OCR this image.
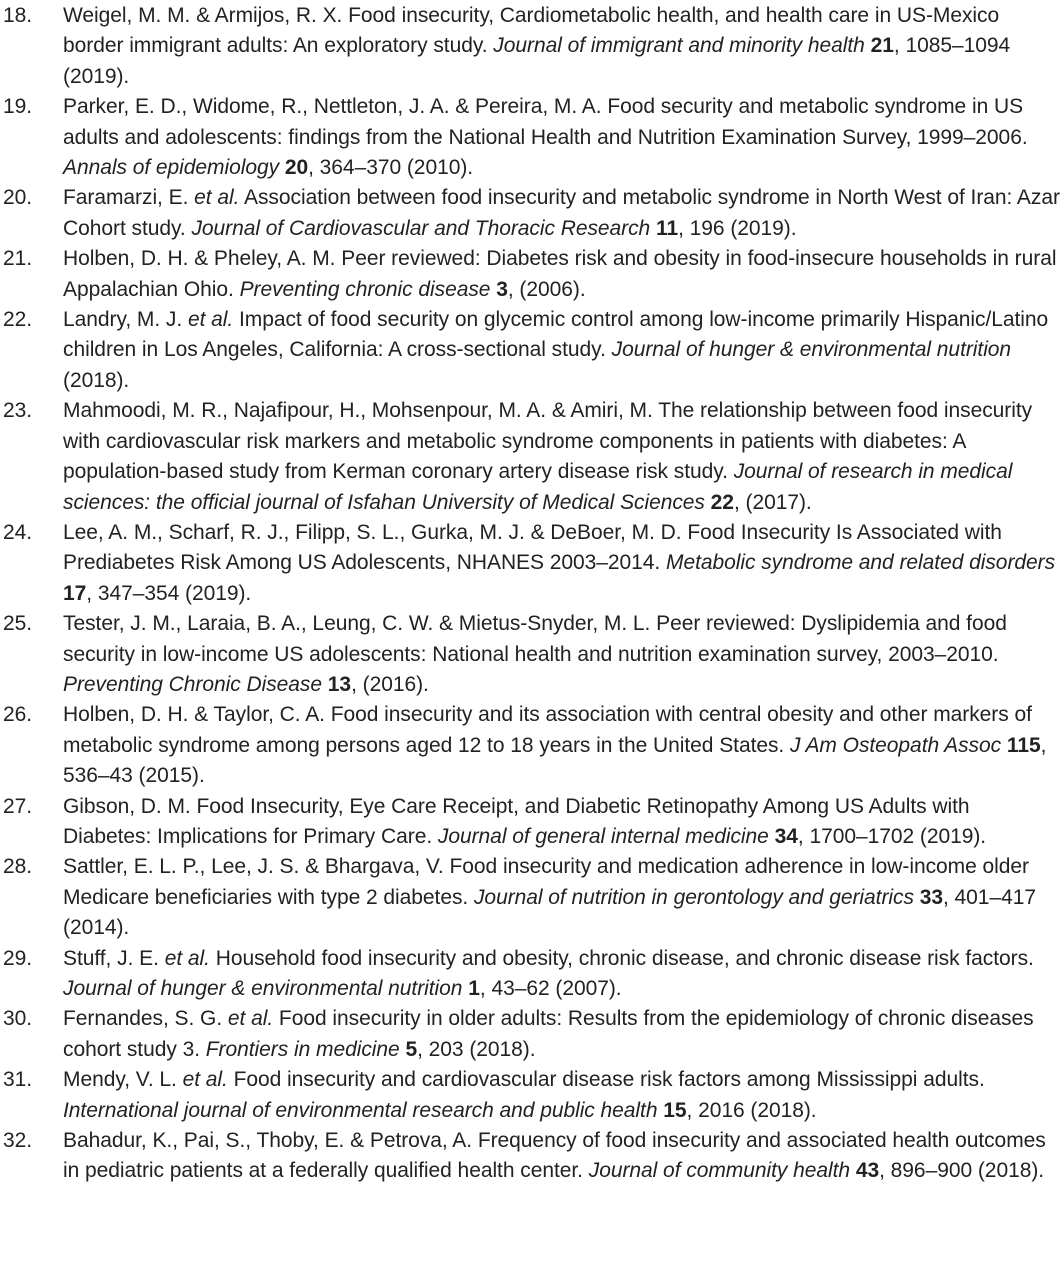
18. Weigel, M. M. & Armijos, R. X. Food insecurity, Cardiometabolic health, and health care in US-Mexico border immigrant adults: An exploratory study. Journal of immigrant and minority health 21, 1085–1094 (2019).
19. Parker, E. D., Widome, R., Nettleton, J. A. & Pereira, M. A. Food security and metabolic syndrome in US adults and adolescents: findings from the National Health and Nutrition Examination Survey, 1999–2006. Annals of epidemiology 20, 364–370 (2010).
20. Faramarzi, E. et al. Association between food insecurity and metabolic syndrome in North West of Iran: Azar Cohort study. Journal of Cardiovascular and Thoracic Research 11, 196 (2019).
21. Holben, D. H. & Pheley, A. M. Peer reviewed: Diabetes risk and obesity in food-insecure households in rural Appalachian Ohio. Preventing chronic disease 3, (2006).
22. Landry, M. J. et al. Impact of food security on glycemic control among low-income primarily Hispanic/Latino children in Los Angeles, California: A cross-sectional study. Journal of hunger & environmental nutrition (2018).
23. Mahmoodi, M. R., Najafipour, H., Mohsenpour, M. A. & Amiri, M. The relationship between food insecurity with cardiovascular risk markers and metabolic syndrome components in patients with diabetes: A population-based study from Kerman coronary artery disease risk study. Journal of research in medical sciences: the official journal of Isfahan University of Medical Sciences 22, (2017).
24. Lee, A. M., Scharf, R. J., Filipp, S. L., Gurka, M. J. & DeBoer, M. D. Food Insecurity Is Associated with Prediabetes Risk Among US Adolescents, NHANES 2003–2014. Metabolic syndrome and related disorders 17, 347–354 (2019).
25. Tester, J. M., Laraia, B. A., Leung, C. W. & Mietus-Snyder, M. L. Peer reviewed: Dyslipidemia and food security in low-income US adolescents: National health and nutrition examination survey, 2003–2010. Preventing Chronic Disease 13, (2016).
26. Holben, D. H. & Taylor, C. A. Food insecurity and its association with central obesity and other markers of metabolic syndrome among persons aged 12 to 18 years in the United States. J Am Osteopath Assoc 115, 536–43 (2015).
27. Gibson, D. M. Food Insecurity, Eye Care Receipt, and Diabetic Retinopathy Among US Adults with Diabetes: Implications for Primary Care. Journal of general internal medicine 34, 1700–1702 (2019).
28. Sattler, E. L. P., Lee, J. S. & Bhargava, V. Food insecurity and medication adherence in low-income older Medicare beneficiaries with type 2 diabetes. Journal of nutrition in gerontology and geriatrics 33, 401–417 (2014).
29. Stuff, J. E. et al. Household food insecurity and obesity, chronic disease, and chronic disease risk factors. Journal of hunger & environmental nutrition 1, 43–62 (2007).
30. Fernandes, S. G. et al. Food insecurity in older adults: Results from the epidemiology of chronic diseases cohort study 3. Frontiers in medicine 5, 203 (2018).
31. Mendy, V. L. et al. Food insecurity and cardiovascular disease risk factors among Mississippi adults. International journal of environmental research and public health 15, 2016 (2018).
32. Bahadur, K., Pai, S., Thoby, E. & Petrova, A. Frequency of food insecurity and associated health outcomes in pediatric patients at a federally qualified health center. Journal of community health 43, 896–900 (2018).
